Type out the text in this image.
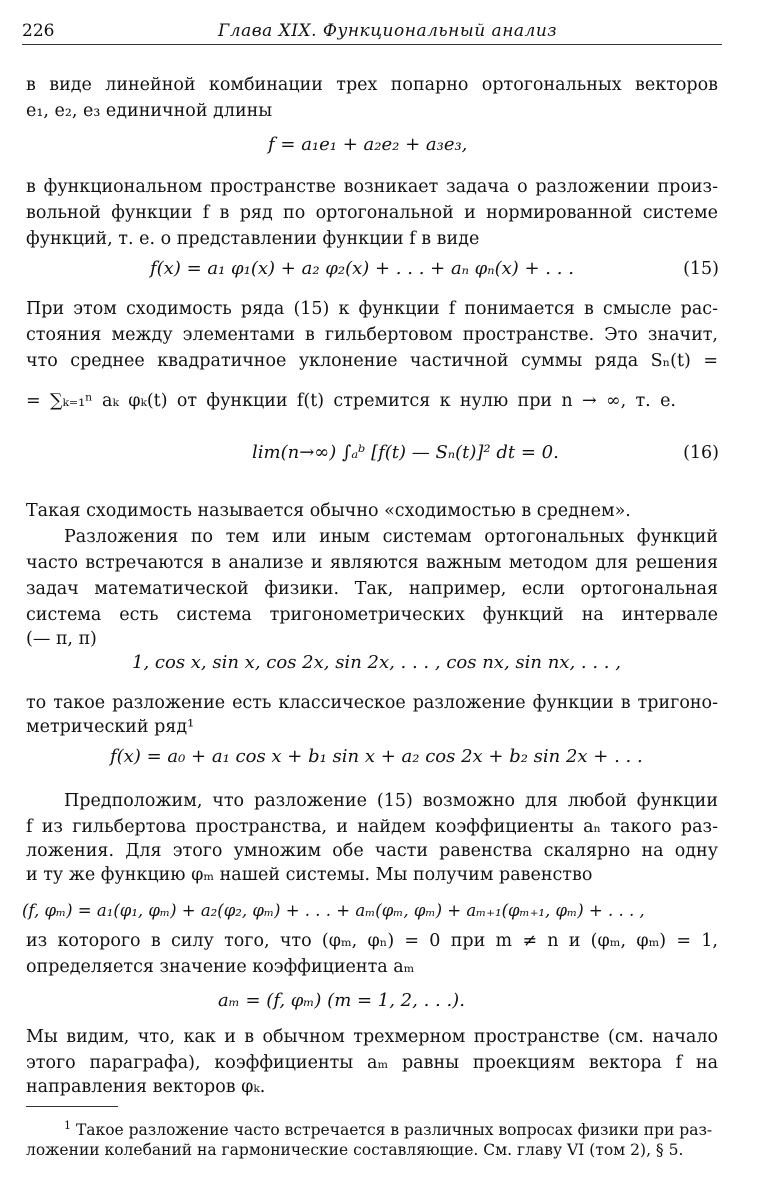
226	Глава XIX. Функциональный анализ
в виде линейной комбинации трех попарно ортогональных векторов
e₁, e₂, e₃ единичной длины
f = a₁e₁ + a₂e₂ + a₃e₃,
в функциональном пространстве возникает задача о разложении произ-
вольной функции f в ряд по ортогональной и нормированной системе
функций, т. е. о представлении функции f в виде
f(x) = a₁ φ₁(x) + a₂ φ₂(x) + . . . + aₙ φₙ(x) + . . .	(15)
При этом сходимость ряда (15) к функции f понимается в смысле рас-
стояния между элементами в гильбертовом пространстве. Это значит,
что среднее квадратичное уклонение частичной суммы ряда Sₙ(t) =
= ∑ₖ₌₁ⁿ aₖ φₖ(t) от функции f(t) стремится к нулю при n → ∞, т. е.
lim(n→∞) ∫ₐᵇ [f(t) — Sₙ(t)]² dt = 0.	(16)
Такая сходимость называется обычно «сходимостью в среднем».
Разложения по тем или иным системам ортогональных функций
часто встречаются в анализе и являются важным методом для решения
задач математической физики. Так, например, если ортогональная
система есть система тригонометрических функций на интервале
(— π, π)
1, cos x, sin x, cos 2x, sin 2x, . . . , cos nx, sin nx, . . . ,
то такое разложение есть классическое разложение функции в тригоно-
метрический ряд¹
f(x) = a₀ + a₁ cos x + b₁ sin x + a₂ cos 2x + b₂ sin 2x + . . .
Предположим, что разложение (15) возможно для любой функции
f из гильбертова пространства, и найдем коэффициенты aₙ такого раз-
ложения. Для этого умножим обе части равенства скалярно на одну
и ту же функцию φₘ нашей системы. Мы получим равенство
(f, φₘ) = a₁(φ₁, φₘ) + a₂(φ₂, φₘ) + . . . + aₘ(φₘ, φₘ) + aₘ₊₁(φₘ₊₁, φₘ) + . . . ,
из которого в силу того, что (φₘ, φₙ) = 0 при m ≠ n и (φₘ, φₘ) = 1,
определяется значение коэффициента aₘ
aₘ = (f, φₘ) (m = 1, 2, . . .).
Мы видим, что, как и в обычном трехмерном пространстве (см. начало
этого параграфа), коэффициенты aₘ равны проекциям вектора f на
направления векторов φₖ.
$^1$ Такое разложение часто встречается в различных вопросах физики при раз-
ложении колебаний на гармонические составляющие. См. главу VI (том 2), § 5.
